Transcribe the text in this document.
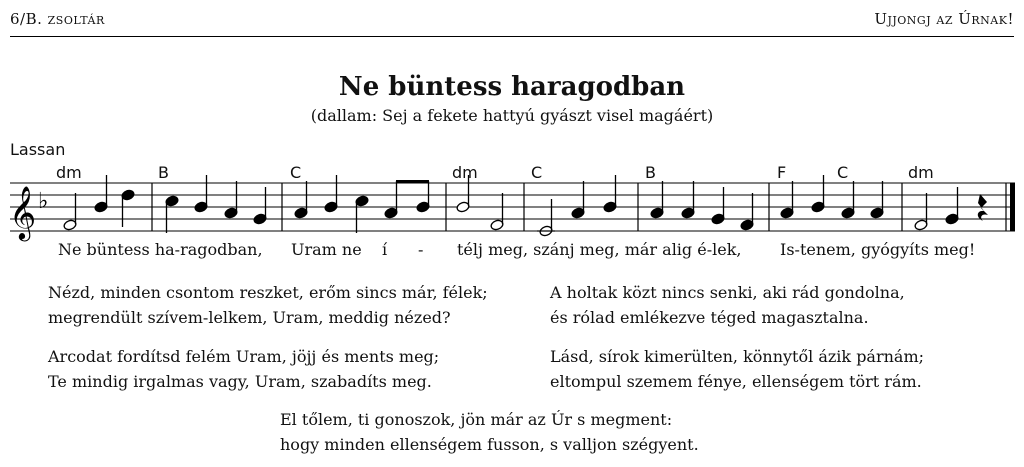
6/B. zsoltár	Ujjongj az Úrnak!
Ne büntess haragodban
(dallam: Sej a fekete hattyú gyászt visel magáért)
Lassan
dm	B	C	dm	C	B	F	C	dm
𝄞 ♭
Ne büntess ha-ragodban, Uram ne í - télj meg, szánj meg, már alig é-lek, Is-tenem, gyógyíts meg!
Nézd, minden csontom reszket, erőm sincs már, félek;
megrendült szívem-lelkem, Uram, meddig nézed?
A holtak közt nincs senki, aki rád gondolna,
és rólad emlékezve téged magasztalna.
Arcodat fordítsd felém Uram, jöjj és ments meg;
Te mindig irgalmas vagy, Uram, szabadíts meg.
Lásd, sírok kimerülten, könnytől ázik párnám;
eltompul szemem fénye, ellenségem tört rám.
El tőlem, ti gonoszok, jön már az Úr s megment:
hogy minden ellenségem fusson, s valljon szégyent.
